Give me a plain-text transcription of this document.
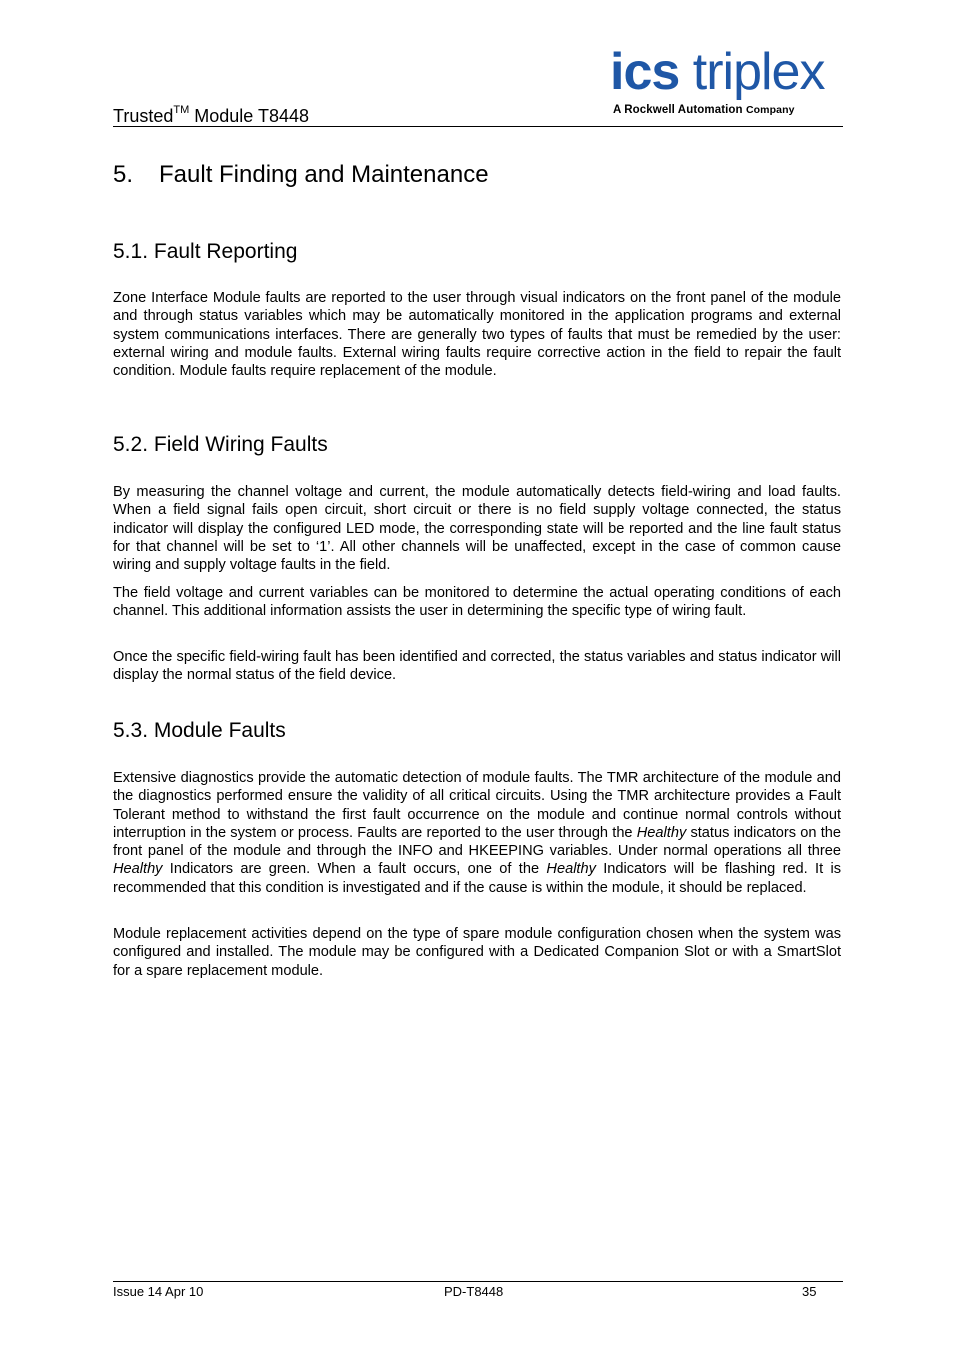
Trusted™ Module T8448
ics triplex
A Rockwell Automation Company
5. Fault Finding and Maintenance
5.1. Fault Reporting

Zone Interface Module faults are reported to the user through visual indicators on the front panel of the module and through status variables which may be automatically monitored in the application programs and external system communications interfaces. There are generally two types of faults that must be remedied by the user: external wiring and module faults. External wiring faults require corrective action in the field to repair the fault condition. Module faults require replacement of the module.

5.2. Field Wiring Faults

By measuring the channel voltage and current, the module automatically detects field-wiring and load faults. When a field signal fails open circuit, short circuit or there is no field supply voltage connected, the status indicator will display the configured LED mode, the corresponding state will be reported and the line fault status for that channel will be set to ‘1’. All other channels will be unaffected, except in the case of common cause wiring and supply voltage faults in the field.

The field voltage and current variables can be monitored to determine the actual operating conditions of each channel. This additional information assists the user in determining the specific type of wiring fault.

Once the specific field-wiring fault has been identified and corrected, the status variables and status indicator will display the normal status of the field device.

5.3. Module Faults

Extensive diagnostics provide the automatic detection of module faults. The TMR architecture of the module and the diagnostics performed ensure the validity of all critical circuits. Using the TMR architecture provides a Fault Tolerant method to withstand the first fault occurrence on the module and continue normal controls without interruption in the system or process. Faults are reported to the user through the Healthy status indicators on the front panel of the module and through the INFO and HKEEPING variables. Under normal operations all three Healthy Indicators are green. When a fault occurs, one of the Healthy Indicators will be flashing red. It is recommended that this condition is investigated and if the cause is within the module, it should be replaced.

Module replacement activities depend on the type of spare module configuration chosen when the system was configured and installed. The module may be configured with a Dedicated Companion Slot or with a SmartSlot for a spare replacement module.

Issue 14 Apr 10	PD-T8448	35
